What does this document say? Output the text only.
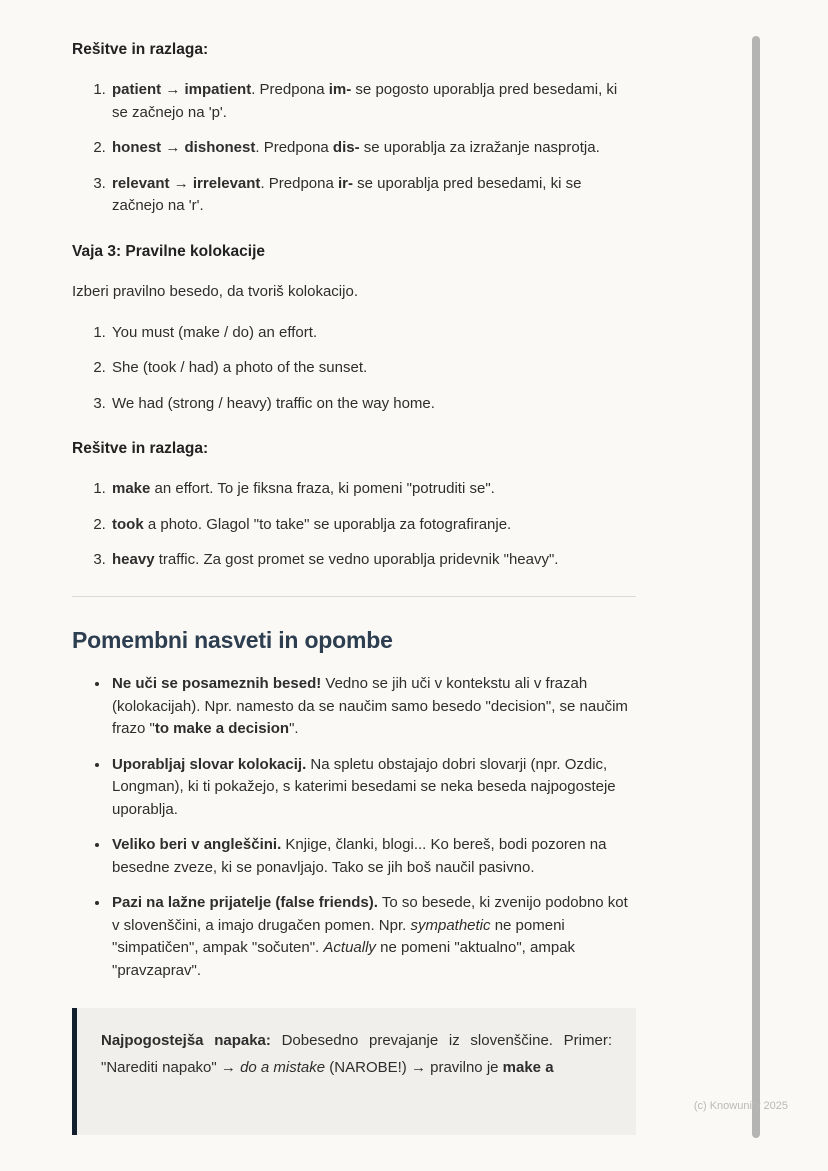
Rešitve in razlaga:
1. patient → impatient. Predpona im- se pogosto uporablja pred besedami, ki se začnejo na 'p'.
2. honest → dishonest. Predpona dis- se uporablja za izražanje nasprotja.
3. relevant → irrelevant. Predpona ir- se uporablja pred besedami, ki se začnejo na 'r'.
Vaja 3: Pravilne kolokacije

Izberi pravilno besedo, da tvoriš kolokacijo.

1. You must (make / do) an effort.
2. She (took / had) a photo of the sunset.
3. We had (strong / heavy) traffic on the way home.
Rešitve in razlaga:
1. make an effort. To je fiksna fraza, ki pomeni "potruditi se".
2. took a photo. Glagol "to take" se uporablja za fotografiranje.
3. heavy traffic. Za gost promet se vedno uporablja pridevnik "heavy".
Pomembni nasveti in opombe
• Ne uči se posameznih besed! Vedno se jih uči v kontekstu ali v frazah (kolokacijah). Npr. namesto da se naučim samo besedo "decision", se naučim frazo "to make a decision".
• Uporabljaj slovar kolokacij. Na spletu obstajajo dobri slovarji (npr. Ozdic, Longman), ki ti pokažejo, s katerimi besedami se neka beseda najpogosteje uporablja.
• Veliko beri v angleščini. Knjige, članki, blogi... Ko bereš, bodi pozoren na besedne zveze, ki se ponavljajo. Tako se jih boš naučil pasivno.
• Pazi na lažne prijatelje (false friends). To so besede, ki zvenijo podobno kot v slovenščini, a imajo drugačen pomen. Npr. sympathetic ne pomeni "simpatičen", ampak "sočuten". Actually ne pomeni "aktualno", ampak "pravzaprav".

Najpogostejša napaka: Dobesedno prevajanje iz slovenščine. Primer: "Narediti napako" → do a mistake (NAROBE!) → pravilno je make a

(c) Knowunity 2025
